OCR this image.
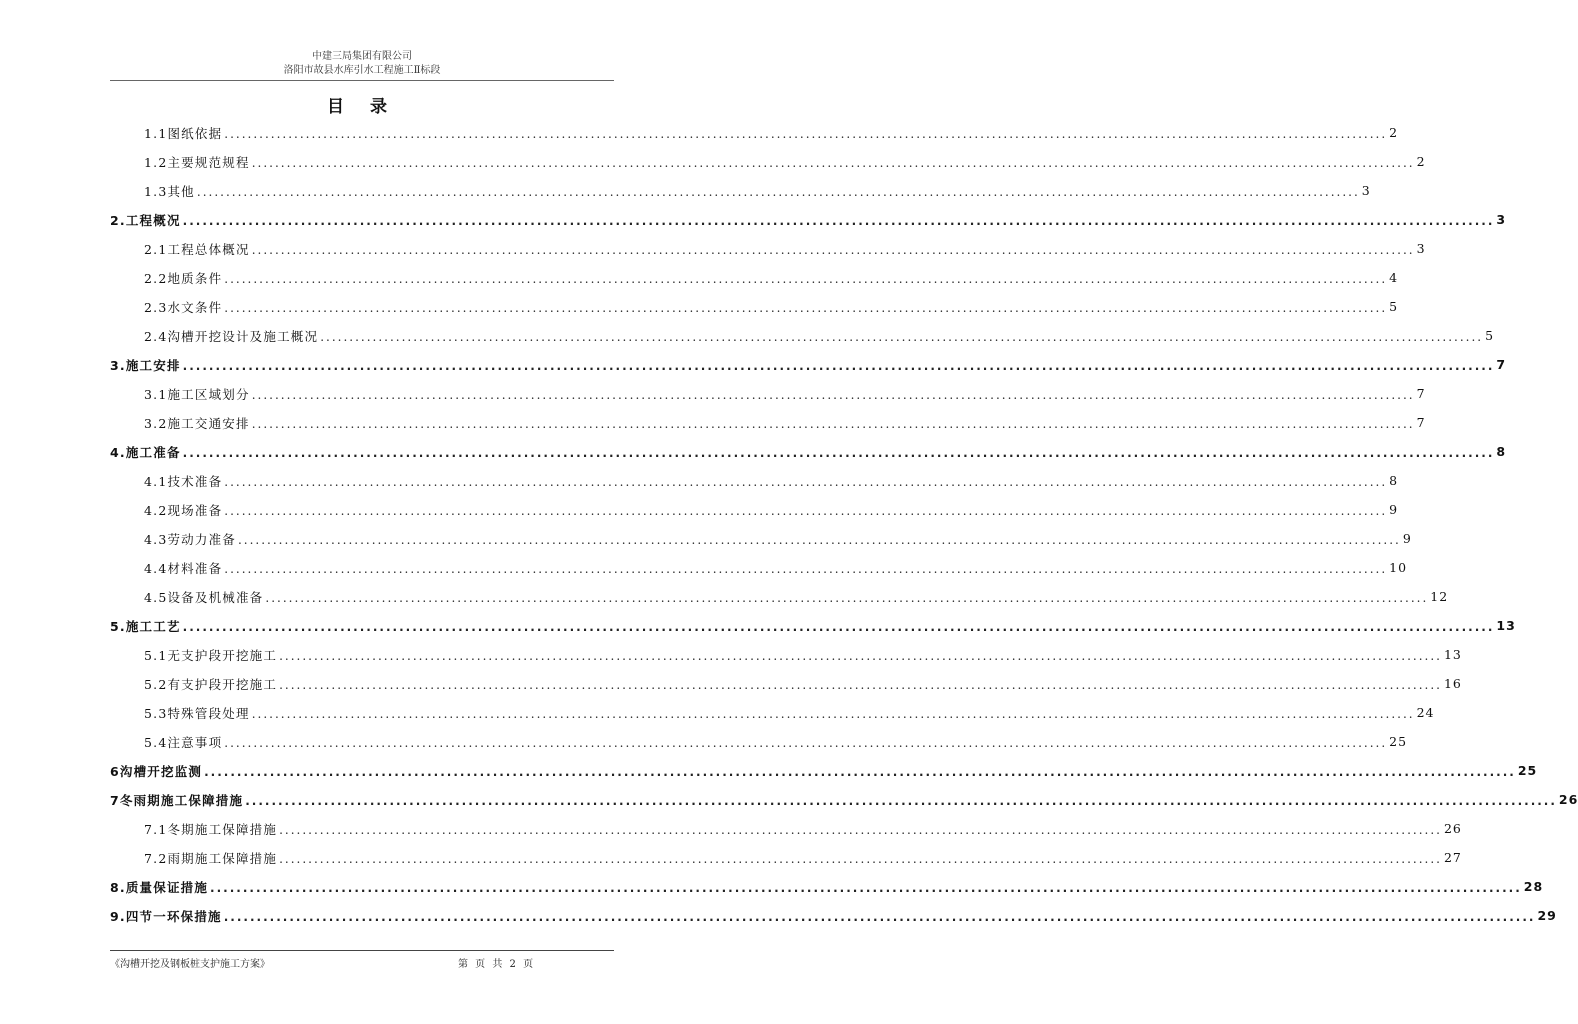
中建三局集团有限公司
洛阳市故县水库引水工程施工Ⅱ标段
目 录
1.1图纸依据 ........................................................................................................................................................................................................ 2
1.2主要规范规程 ........................................................................................................................................................................................................ 2
1.3其他 ........................................................................................................................................................................................................ 3
2.工程概况 ........................................................................................................................................................................................................ 3
2.1工程总体概况 ........................................................................................................................................................................................................ 3
2.2地质条件 ........................................................................................................................................................................................................ 4
2.3水文条件 ........................................................................................................................................................................................................ 5
2.4沟槽开挖设计及施工概况 ........................................................................................................................................................................................................ 5
3.施工安排 ........................................................................................................................................................................................................ 7
3.1施工区域划分 ........................................................................................................................................................................................................ 7
3.2施工交通安排 ........................................................................................................................................................................................................ 7
4.施工准备 ........................................................................................................................................................................................................ 8
4.1技术准备 ........................................................................................................................................................................................................ 8
4.2现场准备 ........................................................................................................................................................................................................ 9
4.3劳动力准备 ........................................................................................................................................................................................................ 9
4.4材料准备 ........................................................................................................................................................................................................ 10
4.5设备及机械准备 ........................................................................................................................................................................................................ 12
5.施工工艺 ........................................................................................................................................................................................................ 13
5.1无支护段开挖施工 ........................................................................................................................................................................................................ 13
5.2有支护段开挖施工 ........................................................................................................................................................................................................ 16
5.3特殊管段处理 ........................................................................................................................................................................................................ 24
5.4注意事项 ........................................................................................................................................................................................................ 25
6沟槽开挖监测 ........................................................................................................................................................................................................ 25
7冬雨期施工保障措施 ........................................................................................................................................................................................................ 26
7.1冬期施工保障措施 ........................................................................................................................................................................................................ 26
7.2雨期施工保障措施 ........................................................................................................................................................................................................ 27
8.质量保证措施 ........................................................................................................................................................................................................ 28
9.四节一环保措施 ........................................................................................................................................................................................................ 29
《沟槽开挖及钢板桩支护施工方案》	第 页 共 2 页
